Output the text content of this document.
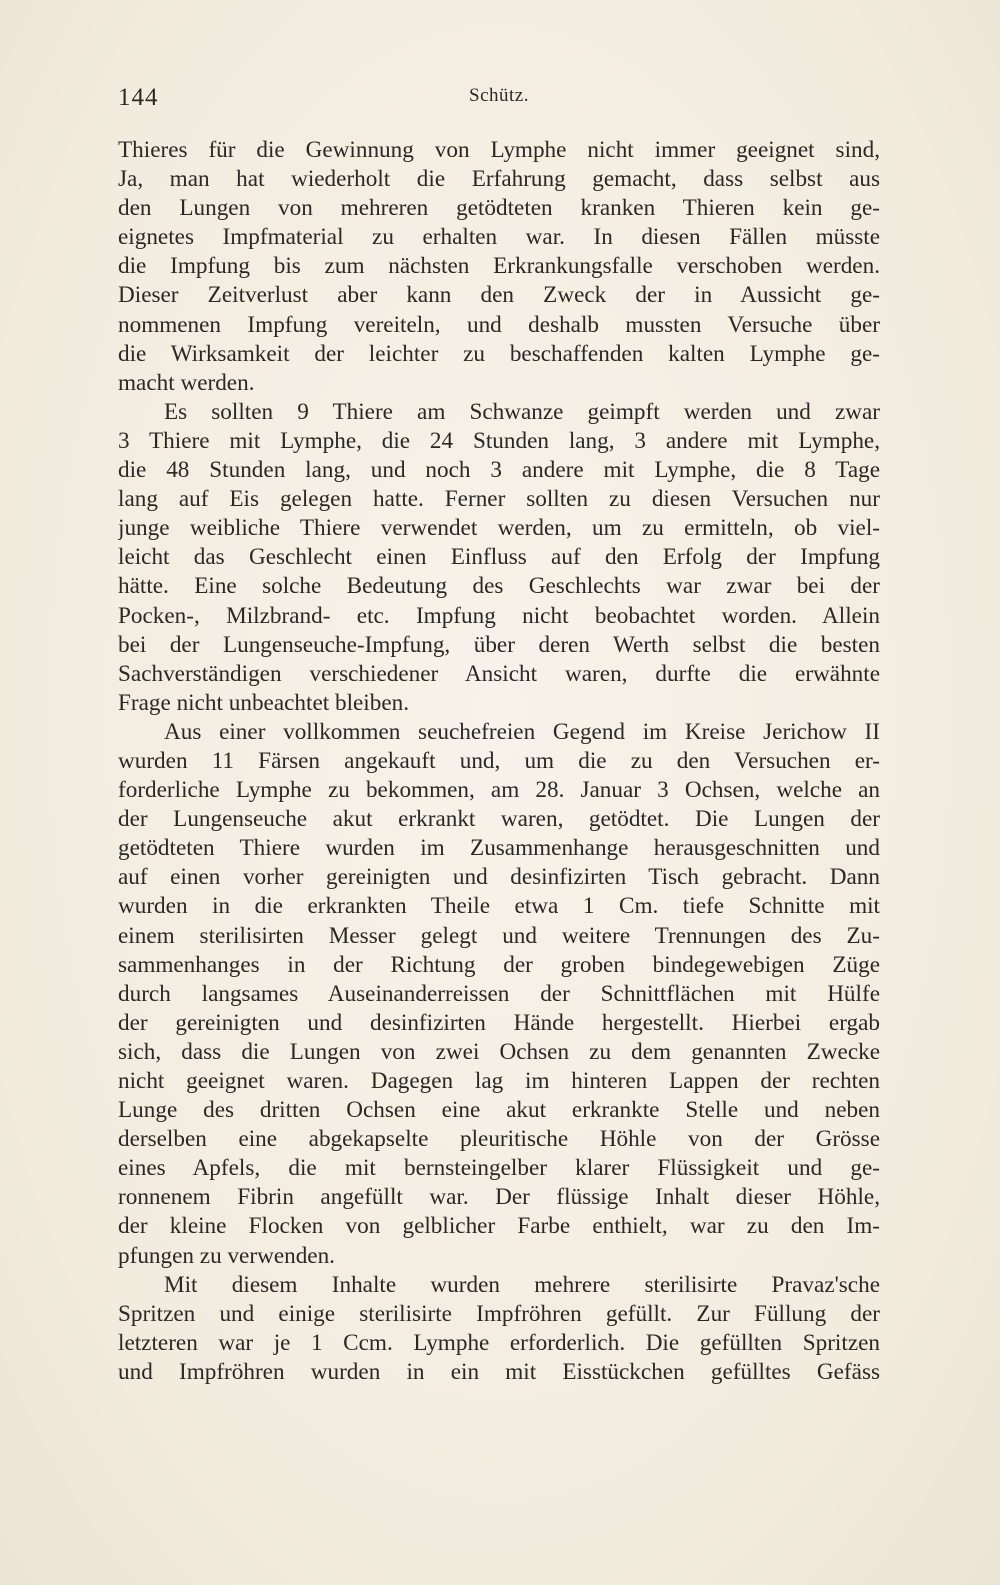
144	Schütz.
Thieres für die Gewinnung von Lymphe nicht immer geeignet sind,
Ja, man hat wiederholt die Erfahrung gemacht, dass selbst aus
den Lungen von mehreren getödteten kranken Thieren kein ge-
eignetes Impfmaterial zu erhalten war. In diesen Fällen müsste
die Impfung bis zum nächsten Erkrankungsfalle verschoben werden.
Dieser Zeitverlust aber kann den Zweck der in Aussicht ge-
nommenen Impfung vereiteln, und deshalb mussten Versuche über
die Wirksamkeit der leichter zu beschaffenden kalten Lymphe ge-
macht werden.
Es sollten 9 Thiere am Schwanze geimpft werden und zwar
3 Thiere mit Lymphe, die 24 Stunden lang, 3 andere mit Lymphe,
die 48 Stunden lang, und noch 3 andere mit Lymphe, die 8 Tage
lang auf Eis gelegen hatte. Ferner sollten zu diesen Versuchen nur
junge weibliche Thiere verwendet werden, um zu ermitteln, ob viel-
leicht das Geschlecht einen Einfluss auf den Erfolg der Impfung
hätte. Eine solche Bedeutung des Geschlechts war zwar bei der
Pocken-, Milzbrand- etc. Impfung nicht beobachtet worden. Allein
bei der Lungenseuche-Impfung, über deren Werth selbst die besten
Sachverständigen verschiedener Ansicht waren, durfte die erwähnte
Frage nicht unbeachtet bleiben.
Aus einer vollkommen seuchefreien Gegend im Kreise Jerichow II
wurden 11 Färsen angekauft und, um die zu den Versuchen er-
forderliche Lymphe zu bekommen, am 28. Januar 3 Ochsen, welche an
der Lungenseuche akut erkrankt waren, getödtet. Die Lungen der
getödteten Thiere wurden im Zusammenhange herausgeschnitten und
auf einen vorher gereinigten und desinfizirten Tisch gebracht. Dann
wurden in die erkrankten Theile etwa 1 Cm. tiefe Schnitte mit
einem sterilisirten Messer gelegt und weitere Trennungen des Zu-
sammenhanges in der Richtung der groben bindegewebigen Züge
durch langsames Auseinanderreissen der Schnittflächen mit Hülfe
der gereinigten und desinfizirten Hände hergestellt. Hierbei ergab
sich, dass die Lungen von zwei Ochsen zu dem genannten Zwecke
nicht geeignet waren. Dagegen lag im hinteren Lappen der rechten
Lunge des dritten Ochsen eine akut erkrankte Stelle und neben
derselben eine abgekapselte pleuritische Höhle von der Grösse
eines Apfels, die mit bernsteingelber klarer Flüssigkeit und ge-
ronnenem Fibrin angefüllt war. Der flüssige Inhalt dieser Höhle,
der kleine Flocken von gelblicher Farbe enthielt, war zu den Im-
pfungen zu verwenden.
Mit diesem Inhalte wurden mehrere sterilisirte Pravaz'sche
Spritzen und einige sterilisirte Impfröhren gefüllt. Zur Füllung der
letzteren war je 1 Ccm. Lymphe erforderlich. Die gefüllten Spritzen
und Impfröhren wurden in ein mit Eisstückchen gefülltes Gefäss
